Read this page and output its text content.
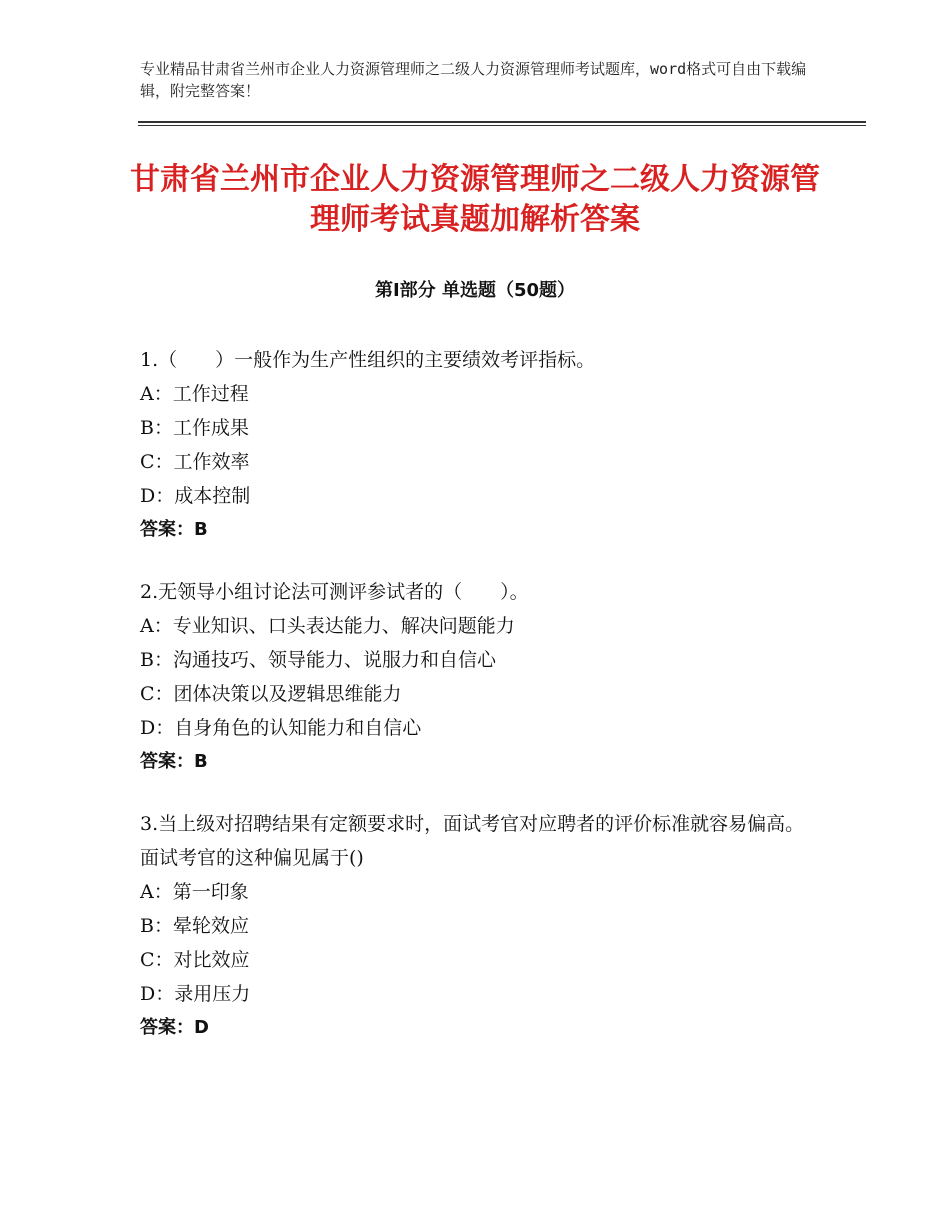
专业精品甘肃省兰州市企业人力资源管理师之二级人力资源管理师考试题库，word格式可自由下载编辑，附完整答案！
甘肃省兰州市企业人力资源管理师之二级人力资源管理师考试真题加解析答案
第Ⅰ部分 单选题（50题）
1.（　　）一般作为生产性组织的主要绩效考评指标。
A：工作过程
B：工作成果
C：工作效率
D：成本控制
答案：B
2.无领导小组讨论法可测评参试者的（　　）。
A：专业知识、口头表达能力、解决问题能力
B：沟通技巧、领导能力、说服力和自信心
C：团体决策以及逻辑思维能力
D：自身角色的认知能力和自信心
答案：B
3.当上级对招聘结果有定额要求时，面试考官对应聘者的评价标准就容易偏高。面试考官的这种偏见属于()
A：第一印象
B：晕轮效应
C：对比效应
D：录用压力
答案：D
